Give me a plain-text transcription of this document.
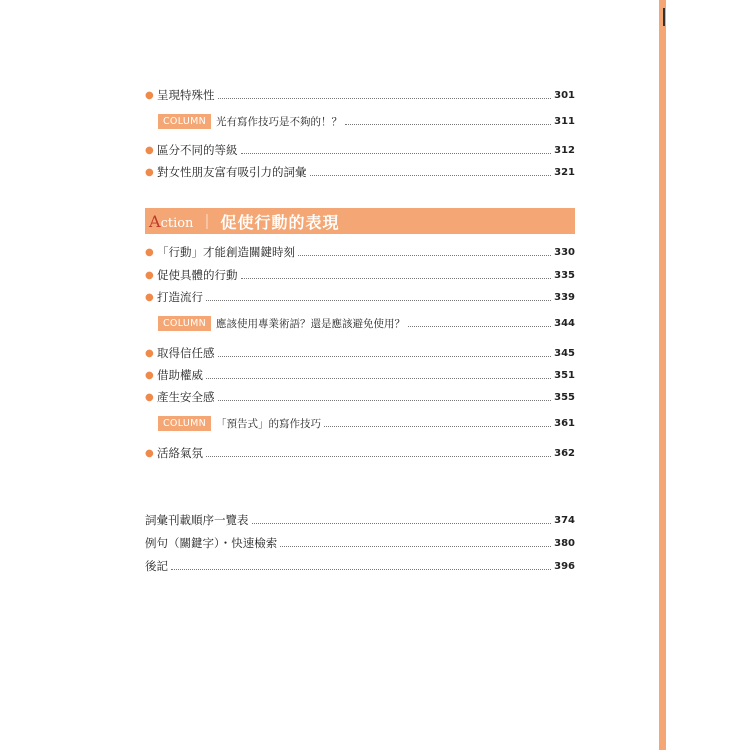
● 呈現特殊性	301
COLUMN 光有寫作技巧是不夠的！？	311
● 區分不同的等級	312
● 對女性朋友富有吸引力的詞彙	321
Action ｜ 促使行動的表現
● 「行動」才能創造關鍵時刻	330
● 促使具體的行動	335
● 打造流行	339
COLUMN 應該使用專業術語？還是應該避免使用？	344
● 取得信任感	345
● 借助權威	351
● 產生安全感	355
COLUMN 「預告式」的寫作技巧	361
● 活絡氣氛	362
詞彙刊載順序一覽表	374
例句（關鍵字）・快速檢索	380
後記	396
